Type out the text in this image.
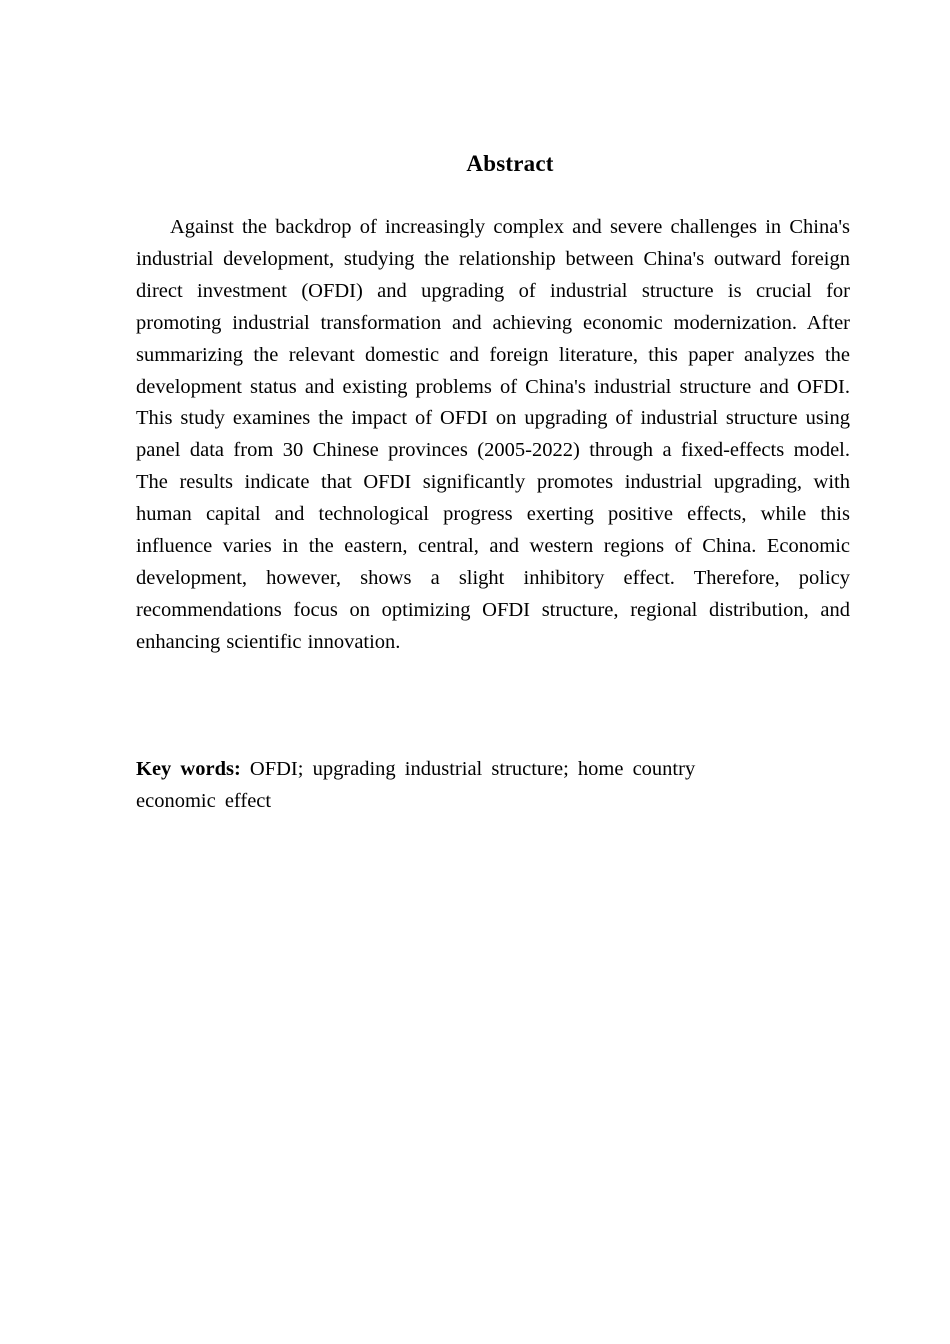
Abstract

Against the backdrop of increasingly complex and severe challenges in China's industrial development, studying the relationship between China's outward foreign direct investment (OFDI) and upgrading of industrial structure is crucial for promoting industrial transformation and achieving economic modernization. After summarizing the relevant domestic and foreign literature, this paper analyzes the development status and existing problems of China's industrial structure and OFDI. This study examines the impact of OFDI on upgrading of industrial structure using panel data from 30 Chinese provinces (2005-2022) through a fixed-effects model. The results indicate that OFDI significantly promotes industrial upgrading, with human capital and technological progress exerting positive effects, while this influence varies in the eastern, central, and western regions of China. Economic development, however, shows a slight inhibitory effect. Therefore, policy recommendations focus on optimizing OFDI structure, regional distribution, and enhancing scientific innovation.

Key words: OFDI; upgrading industrial structure; home country economic effect
